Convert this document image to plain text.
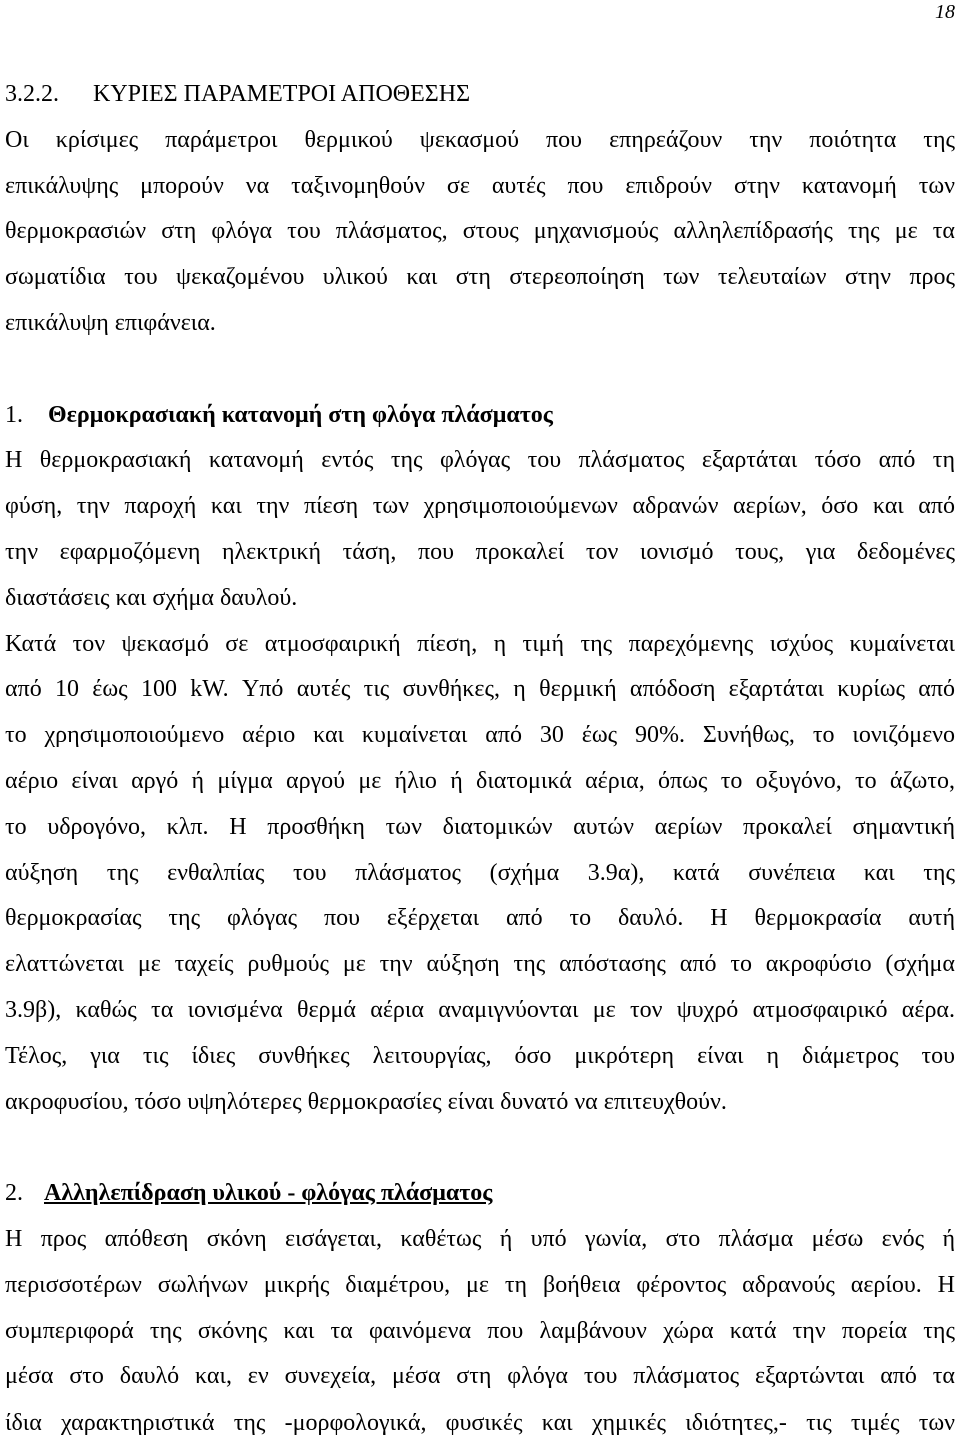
18
3.2.2. ΚΥΡΙΕΣ ΠΑΡΑΜΕΤΡΟΙ ΑΠΟΘΕΣΗΣ
Οι κρίσιμες παράμετροι θερμικού ψεκασμού που επηρεάζουν την ποιότητα της
επικάλυψης μπορούν να ταξινομηθούν σε αυτές που επιδρούν στην κατανομή των
θερμοκρασιών στη φλόγα του πλάσματος, στους μηχανισμούς αλληλεπίδρασής της με τα
σωματίδια του ψεκαζομένου υλικού και στη στερεοποίηση των τελευταίων στην προς
επικάλυψη επιφάνεια.
1. Θερμοκρασιακή κατανομή στη φλόγα πλάσματος
Η θερμοκρασιακή κατανομή εντός της φλόγας του πλάσματος εξαρτάται τόσο από τη
φύση, την παροχή και την πίεση των χρησιμοποιούμενων αδρανών αερίων, όσο και από
την εφαρμοζόμενη ηλεκτρική τάση, που προκαλεί τον ιονισμό τους, για δεδομένες
διαστάσεις και σχήμα δαυλού.
Κατά τον ψεκασμό σε ατμοσφαιρική πίεση, η τιμή της παρεχόμενης ισχύος κυμαίνεται
από 10 έως 100 kW. Υπό αυτές τις συνθήκες, η θερμική απόδοση εξαρτάται κυρίως από
το χρησιμοποιούμενο αέριο και κυμαίνεται από 30 έως 90%. Συνήθως, το ιονιζόμενο
αέριο είναι αργό ή μίγμα αργού με ήλιο ή διατομικά αέρια, όπως το οξυγόνο, το άζωτο,
το υδρογόνο, κλπ. Η προσθήκη των διατομικών αυτών αερίων προκαλεί σημαντική
αύξηση της ενθαλπίας του πλάσματος (σχήμα 3.9α), κατά συνέπεια και της
θερμοκρασίας της φλόγας που εξέρχεται από το δαυλό. Η θερμοκρασία αυτή
ελαττώνεται με ταχείς ρυθμούς με την αύξηση της απόστασης από το ακροφύσιο (σχήμα
3.9β), καθώς τα ιονισμένα θερμά αέρια αναμιγνύονται με τον ψυχρό ατμοσφαιρικό αέρα.
Τέλος, για τις ίδιες συνθήκες λειτουργίας, όσο μικρότερη είναι η διάμετρος του
ακροφυσίου, τόσο υψηλότερες θερμοκρασίες είναι δυνατό να επιτευχθούν.
2. Αλληλεπίδραση υλικού - φλόγας πλάσματος
Η προς απόθεση σκόνη εισάγεται, καθέτως ή υπό γωνία, στο πλάσμα μέσω ενός ή
περισσοτέρων σωλήνων μικρής διαμέτρου, με τη βοήθεια φέροντος αδρανούς αερίου. Η
συμπεριφορά της σκόνης και τα φαινόμενα που λαμβάνουν χώρα κατά την πορεία της
μέσα στο δαυλό και, εν συνεχεία, μέσα στη φλόγα του πλάσματος εξαρτώνται από τα
ίδια χαρακτηριστικά της -μορφολογικά, φυσικές και χημικές ιδιότητες,- τις τιμές των
